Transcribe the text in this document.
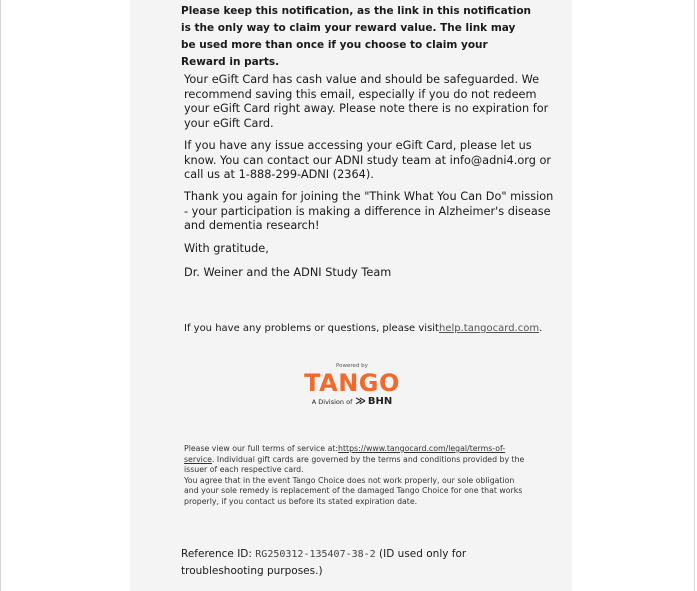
Please keep this notification, as the link in this notification is the only way to claim your reward value. The link may be used more than once if you choose to claim your Reward in parts.

Your eGift Card has cash value and should be safeguarded. We recommend saving this email, especially if you do not redeem your eGift Card right away. Please note there is no expiration for your eGift Card.

If you have any issue accessing your eGift Card, please let us know. You can contact our ADNI study team at info@adni4.org or call us at 1-888-299-ADNI (2364).

Thank you again for joining the "Think What You Can Do" mission - your participation is making a difference in Alzheimer's disease and dementia research!

With gratitude,

Dr. Weiner and the ADNI Study Team

If you have any problems or questions, please visithelp.tangocard.com.
Powered by
TANGO
A Division of ≫ BHN

Please view our full terms of service at:https://www.tangocard.com/legal/terms-of-service. Individual gift cards are governed by the terms and conditions provided by the issuer of each respective card.

You agree that in the event Tango Choice does not work properly, our sole obligation and your sole remedy is replacement of the damaged Tango Choice for one that works properly, if you contact us before its stated expiration date.

Reference ID: RG250312-135407-38-2 (ID used only for troubleshooting purposes.)
